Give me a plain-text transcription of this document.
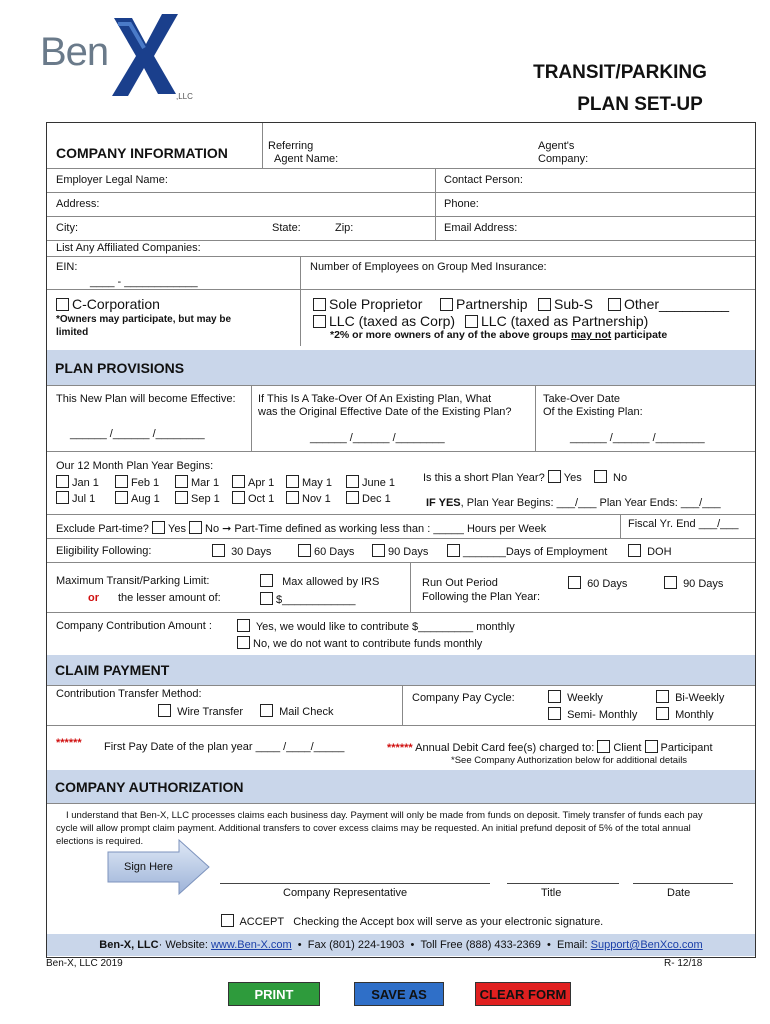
Ben
,LLC
TRANSIT/PARKING
PLAN SET-UP
COMPANY INFORMATION	Referring
Agent Name:
Agent's
Company:
Employer Legal Name:	Contact Person:
Address:	Phone:
City:	State:	Zip:	Email Address:
List Any Affiliated Companies:
EIN:
____ - ____________
Number of Employees on Group Med Insurance:
C-Corporation
*Owners may participate, but may be
limited
Sole Proprietor	Partnership	Sub-S	Other_________
LLC (taxed as Corp)	LLC (taxed as Partnership)
*2% or more owners of any of the above groups may not participate
PLAN PROVISIONS
This New Plan will become Effective:
______ /______ /________
If This Is A Take-Over Of An Existing Plan, What
was the Original Effective Date of the Existing Plan?
______ /______ /________
Take-Over Date
Of the Existing Plan:
______ /______ /________
Our 12 Month Plan Year Begins:
Jan 1	Feb 1	Mar 1	Apr 1	May 1	June 1
Jul 1	Aug 1	Sep 1	Oct 1	Nov 1	Dec 1
Is this a short Plan Year? Yes	No
IF YES, Plan Year Begins: ___/___ Plan Year Ends: ___/___
Exclude Part-time? Yes No ➞ Part-Time defined as working less than : _____ Hours per Week	Fiscal Yr. End ___/___
Eligibility Following:	30 Days	60 Days	90 Days	_______Days of Employment	DOH
Maximum Transit/Parking Limit:
or the lesser amount of:
Max allowed by IRS
$____________
Run Out Period
Following the Plan Year:
60 Days	90 Days
Company Contribution Amount :	Yes, we would like to contribute $_________ monthly
No, we do not want to contribute funds monthly
CLAIM PAYMENT
Contribution Transfer Method:
Wire Transfer	Mail Check
Company Pay Cycle:	Weekly	Bi-Weekly
Semi- Monthly	Monthly
****** First Pay Date of the plan year ____ /____/_____	****** Annual Debit Card fee(s) charged to: Client Participant
*See Company Authorization below for additional details
COMPANY AUTHORIZATION
I understand that Ben-X, LLC processes claims each business day. Payment will only be made from funds on deposit. Timely transfer of funds each pay
cycle will allow prompt claim payment. Additional transfers to cover excess claims may be requested. An initial prefund deposit of 5% of the total annual
elections is required.
Sign Here
Company Representative	Title	Date
ACCEPT Checking the Accept box will serve as your electronic signature.
Ben-X, LLC · Website:
www.Ben-X.com • Fax (801) 224-1903 • Toll Free (888) 433-2369 • Email:
Support@BenXco.com
Ben-X, LLC 2019	R- 12/18
PRINT	SAVE AS	CLEAR FORM
